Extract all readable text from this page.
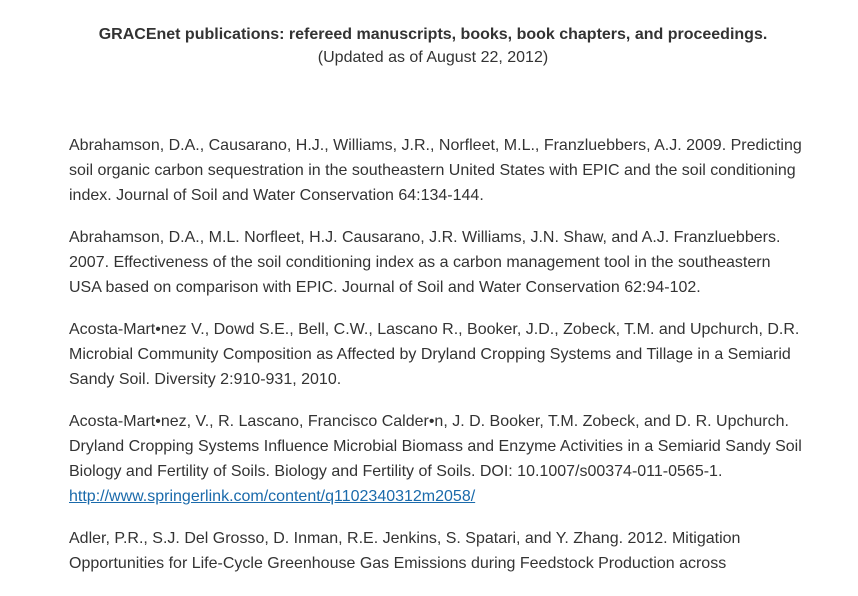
GRACEnet publications: refereed manuscripts, books, book chapters, and proceedings.
(Updated as of August 22, 2012)

Abrahamson, D.A., Causarano, H.J., Williams, J.R., Norfleet, M.L., Franzluebbers, A.J. 2009. Predicting soil organic carbon sequestration in the southeastern United States with EPIC and the soil conditioning index. Journal of Soil and Water Conservation 64:134-144.

Abrahamson, D.A., M.L. Norfleet, H.J. Causarano, J.R. Williams, J.N. Shaw, and A.J. Franzluebbers. 2007. Effectiveness of the soil conditioning index as a carbon management tool in the southeastern USA based on comparison with EPIC. Journal of Soil and Water Conservation 62:94-102.

Acosta-Mart•nez V., Dowd S.E., Bell, C.W., Lascano R., Booker, J.D., Zobeck, T.M. and Upchurch, D.R. Microbial Community Composition as Affected by Dryland Cropping Systems and Tillage in a Semiarid Sandy Soil. Diversity 2:910-931, 2010.

Acosta-Mart•nez, V., R. Lascano, Francisco Calder•n, J. D. Booker, T.M. Zobeck, and D. R. Upchurch. Dryland Cropping Systems Influence Microbial Biomass and Enzyme Activities in a Semiarid Sandy Soil Biology and Fertility of Soils. Biology and Fertility of Soils. DOI: 10.1007/s00374-011-0565-1. http://www.springerlink.com/content/q1102340312m2058/

Adler, P.R., S.J. Del Grosso, D. Inman, R.E. Jenkins, S. Spatari, and Y. Zhang. 2012. Mitigation Opportunities for Life-Cycle Greenhouse Gas Emissions during Feedstock Production across
